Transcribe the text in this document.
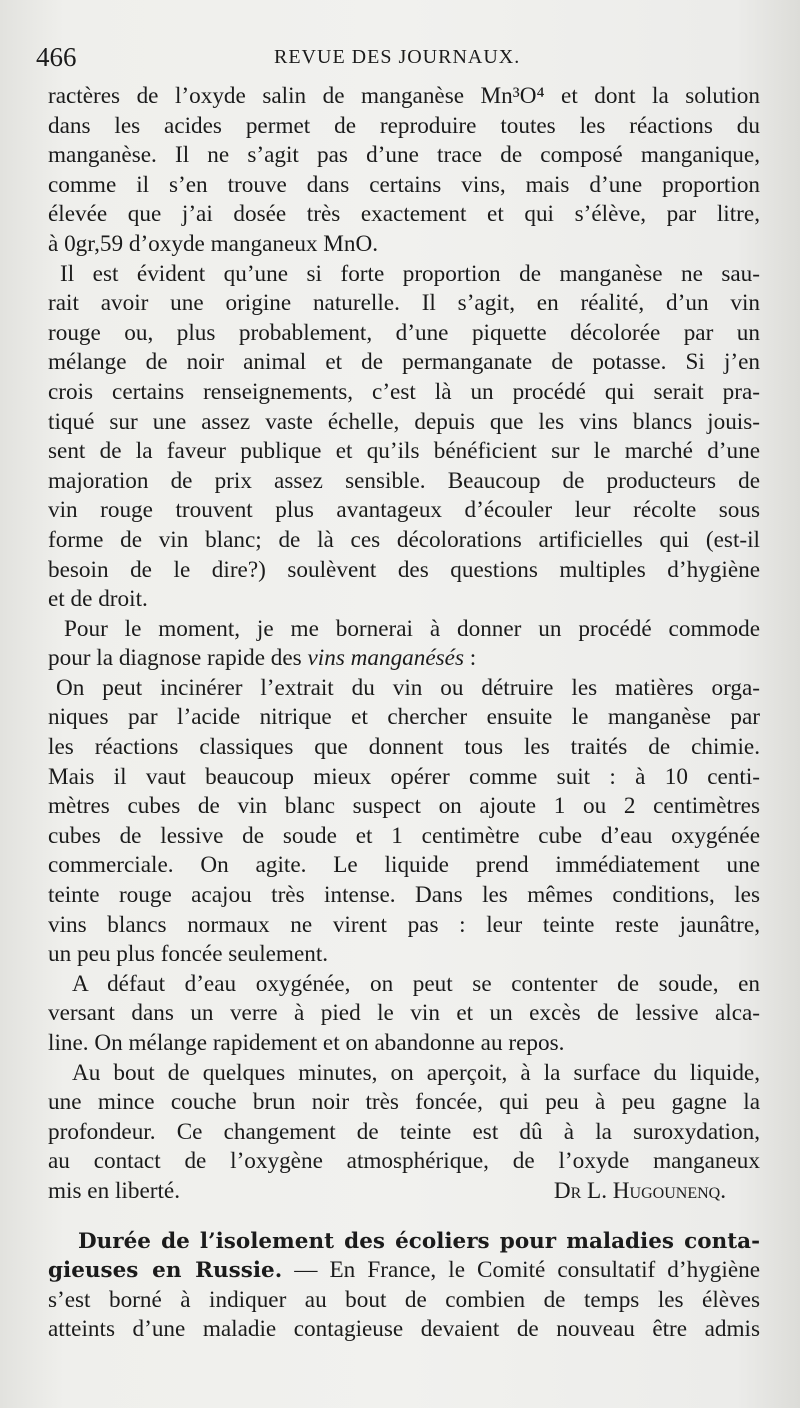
466	REVUE DES JOURNAUX.
ractères de l’oxyde salin de manganèse Mn³O⁴ et dont la solution
dans les acides permet de reproduire toutes les réactions du
manganèse. Il ne s’agit pas d’une trace de composé manganique,
comme il s’en trouve dans certains vins, mais d’une proportion
élevée que j’ai dosée très exactement et qui s’élève, par litre,
à 0gr,59 d’oxyde manganeux MnO.
Il est évident qu’une si forte proportion de manganèse ne sau-
rait avoir une origine naturelle. Il s’agit, en réalité, d’un vin
rouge ou, plus probablement, d’une piquette décolorée par un
mélange de noir animal et de permanganate de potasse. Si j’en
crois certains renseignements, c’est là un procédé qui serait pra-
tiqué sur une assez vaste échelle, depuis que les vins blancs jouis-
sent de la faveur publique et qu’ils bénéficient sur le marché d’une
majoration de prix assez sensible. Beaucoup de producteurs de
vin rouge trouvent plus avantageux d’écouler leur récolte sous
forme de vin blanc; de là ces décolorations artificielles qui (est-il
besoin de le dire?) soulèvent des questions multiples d’hygiène
et de droit.
Pour le moment, je me bornerai à donner un procédé commode
pour la diagnose rapide des vins manganésés :
On peut incinérer l’extrait du vin ou détruire les matières orga-
niques par l’acide nitrique et chercher ensuite le manganèse par
les réactions classiques que donnent tous les traités de chimie.
Mais il vaut beaucoup mieux opérer comme suit : à 10 centi-
mètres cubes de vin blanc suspect on ajoute 1 ou 2 centimètres
cubes de lessive de soude et 1 centimètre cube d’eau oxygénée
commerciale. On agite. Le liquide prend immédiatement une
teinte rouge acajou très intense. Dans les mêmes conditions, les
vins blancs normaux ne virent pas : leur teinte reste jaunâtre,
un peu plus foncée seulement.
A défaut d’eau oxygénée, on peut se contenter de soude, en
versant dans un verre à pied le vin et un excès de lessive alca-
line. On mélange rapidement et on abandonne au repos.
Au bout de quelques minutes, on aperçoit, à la surface du liquide,
une mince couche brun noir très foncée, qui peu à peu gagne la
profondeur. Ce changement de teinte est dû à la suroxydation,
au contact de l’oxygène atmosphérique, de l’oxyde manganeux
mis en liberté.	Dr L. Hugounenq.
Durée de l’isolement des écoliers pour maladies conta-
gieuses en Russie. — En France, le Comité consultatif d’hygiène
s’est borné à indiquer au bout de combien de temps les élèves
atteints d’une maladie contagieuse devaient de nouveau être admis
